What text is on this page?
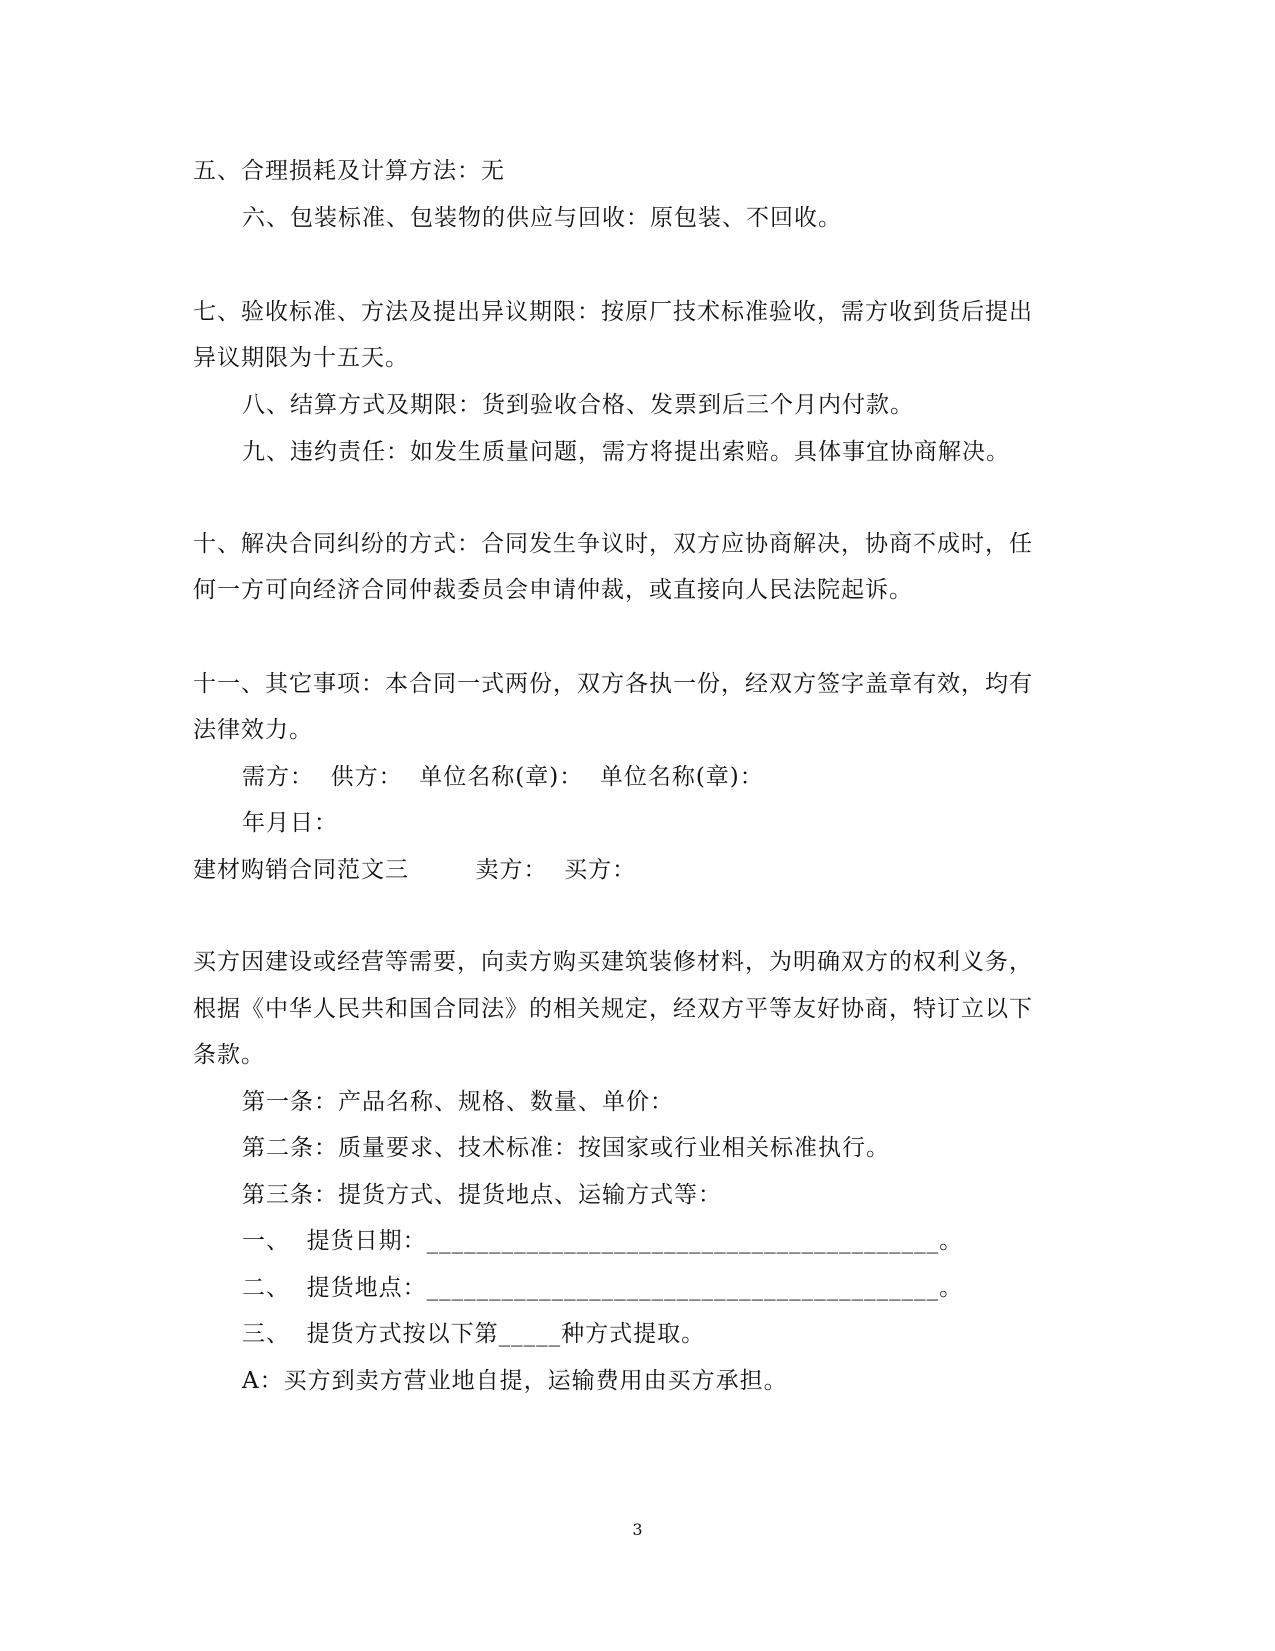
五、合理损耗及计算方法：无
六、包装标准、包装物的供应与回收：原包装、不回收。
七、验收标准、方法及提出异议期限：按原厂技术标准验收，需方收到货后提出
异议期限为十五天。
八、结算方式及期限：货到验收合格、发票到后三个月内付款。
九、违约责任：如发生质量问题，需方将提出索赔。具体事宜协商解决。
十、解决合同纠纷的方式：合同发生争议时，双方应协商解决，协商不成时，任
何一方可向经济合同仲裁委员会申请仲裁，或直接向人民法院起诉。
十一、其它事项：本合同一式两份，双方各执一份，经双方签字盖章有效，均有
法律效力。
需方：  供方：  单位名称(章)：  单位名称(章)：
年月日：
建材购销合同范文三        卖方：  买方：
买方因建设或经营等需要，向卖方购买建筑装修材料，为明确双方的权利义务，
根据《中华人民共和国合同法》的相关规定，经双方平等友好协商，特订立以下
条款。
第一条：产品名称、规格、数量、单价：
第二条：质量要求、技术标准：按国家或行业相关标准执行。
第三条：提货方式、提货地点、运输方式等：
一、  提货日期：_________________________________________。
二、  提货地点：_________________________________________。
三、  提货方式按以下第_____种方式提取。
A：买方到卖方营业地自提，运输费用由买方承担。
3
